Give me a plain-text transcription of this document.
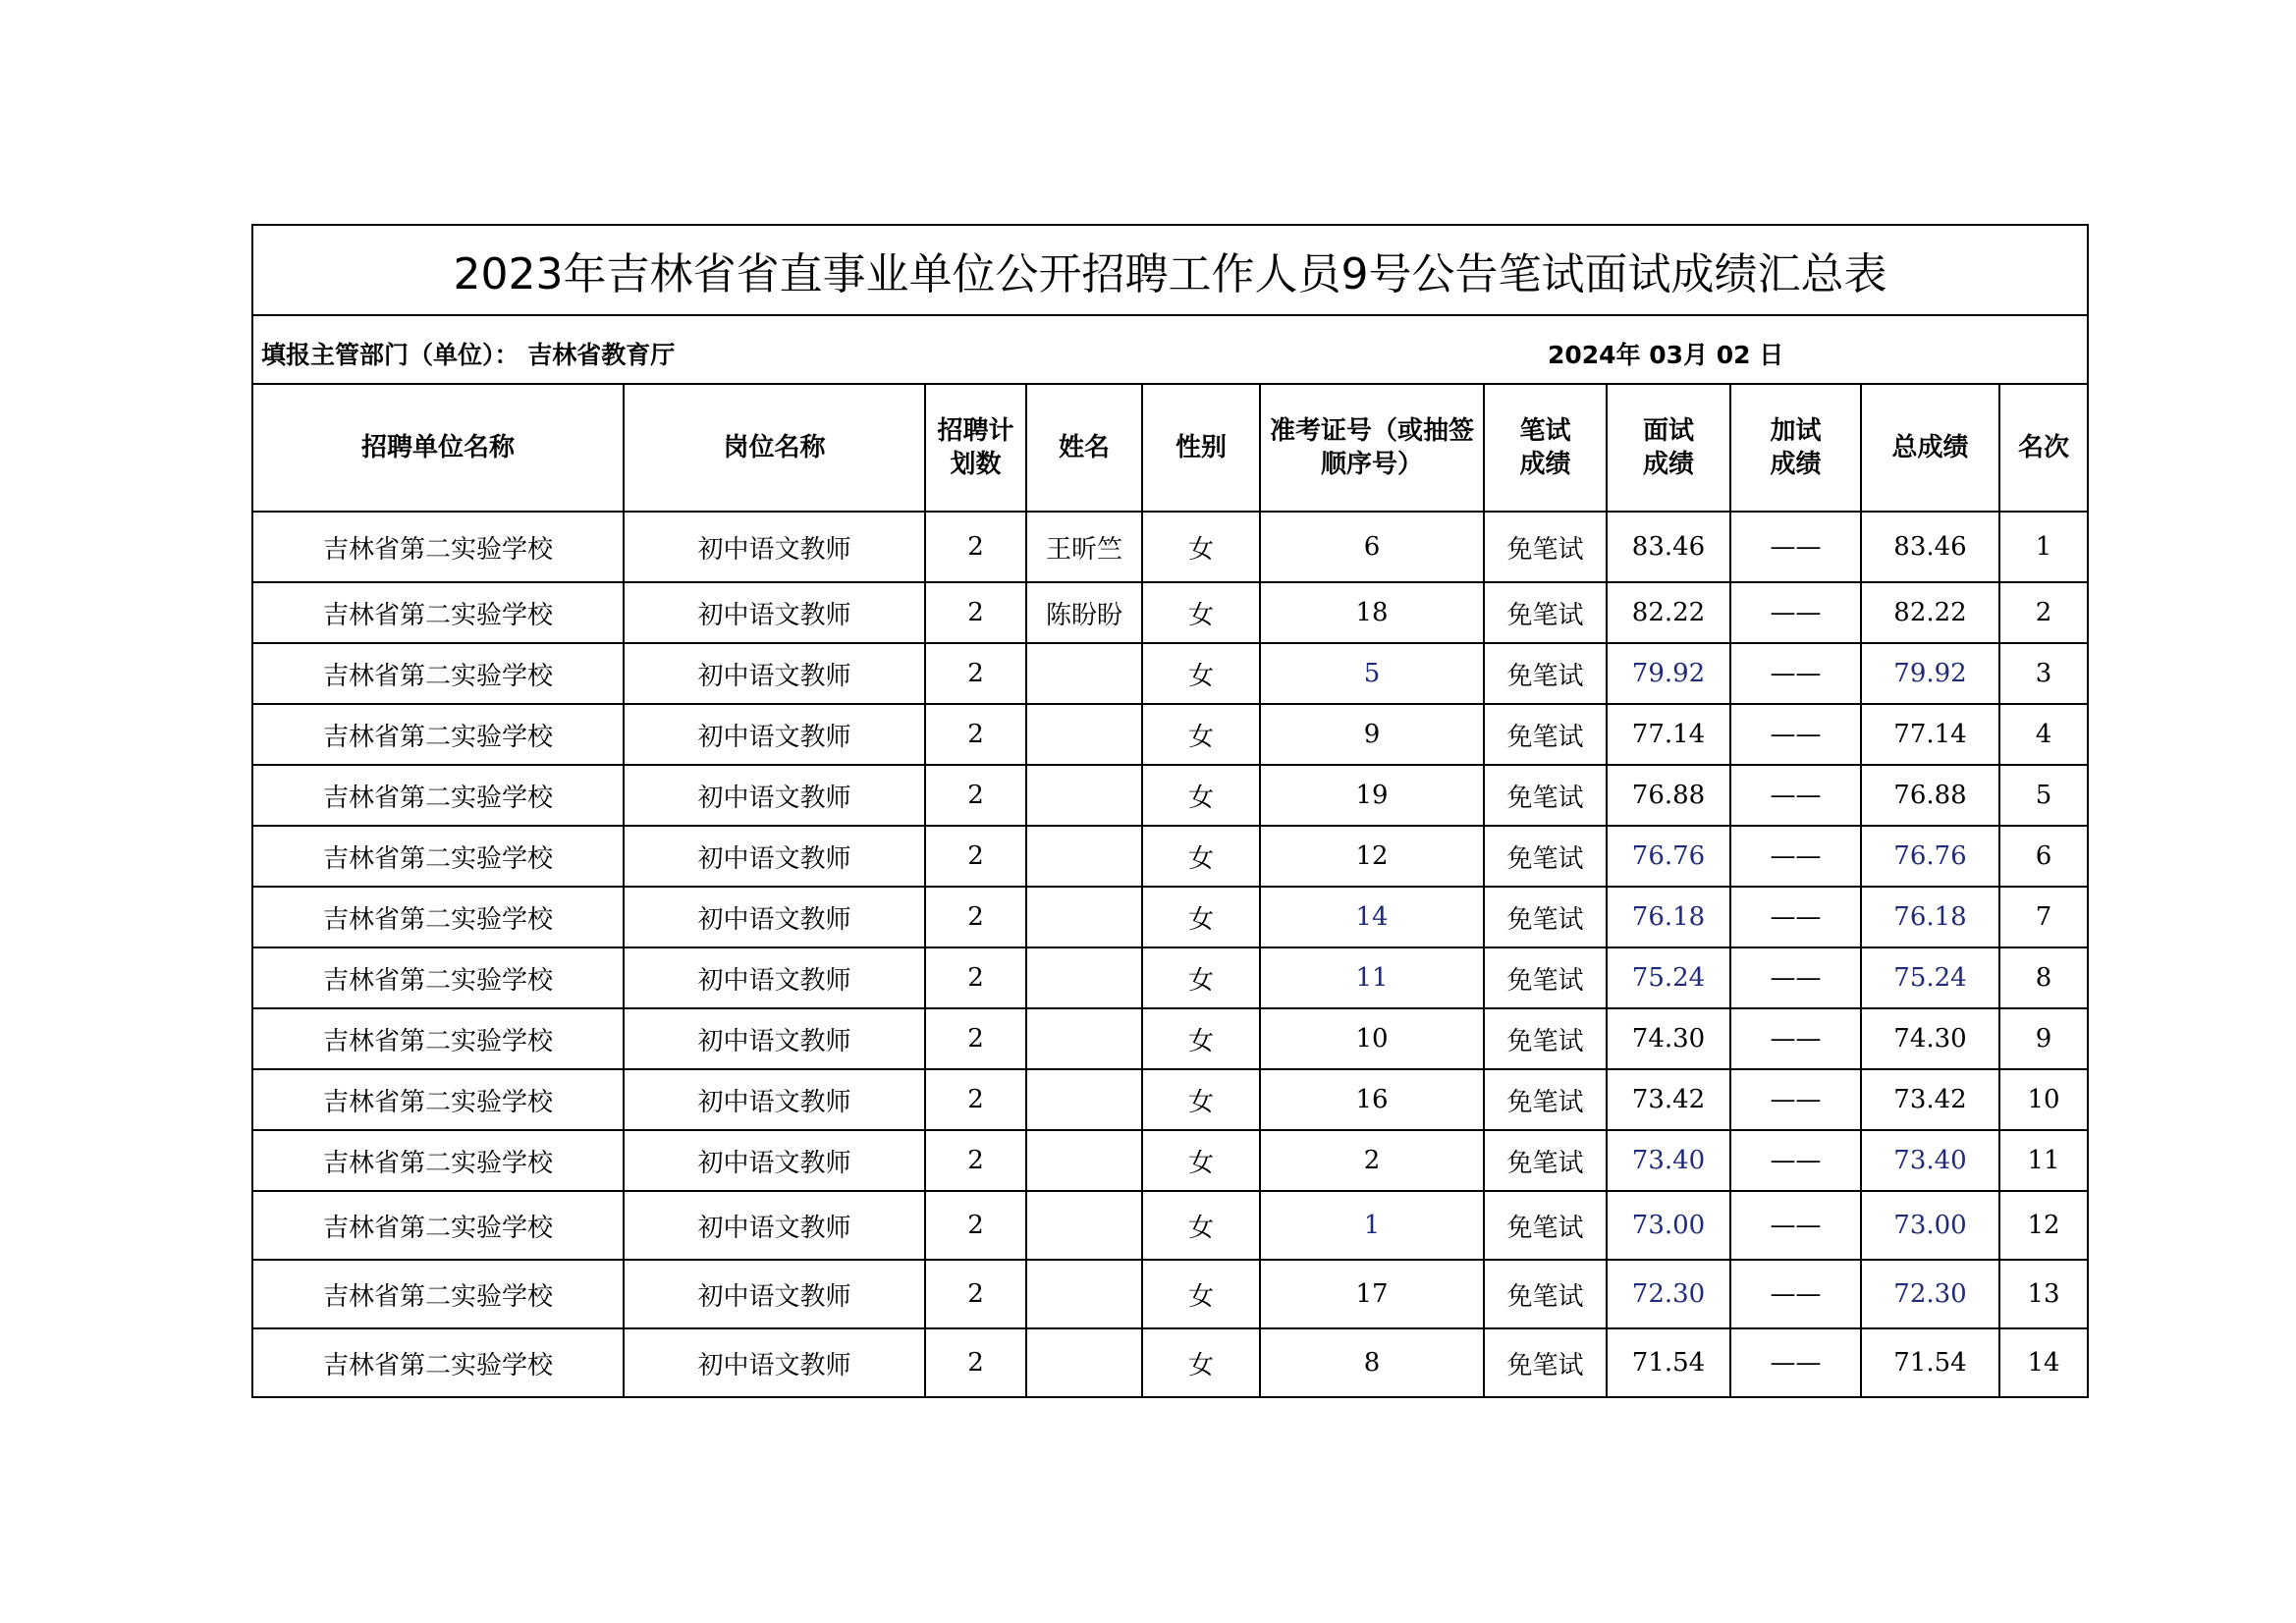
2023年吉林省省直事业单位公开招聘工作人员9号公告笔试面试成绩汇总表										

填报主管部门（单位）： 吉林省教育厅 2024年 03月 02 日										

招聘单位名称	岗位名称	招聘计划数	姓名	性别	准考证号（或抽签顺序号）	笔试成绩	面试成绩	加试成绩	总成绩	名次
吉林省第二实验学校	初中语文教师	2	王昕竺	女	6	免笔试	83.46	——	83.46	1
吉林省第二实验学校	初中语文教师	2	陈盼盼	女	18	免笔试	82.22	——	82.22	2
吉林省第二实验学校	初中语文教师	2		女	5	免笔试	79.92	——	79.92	3
吉林省第二实验学校	初中语文教师	2		女	9	免笔试	77.14	——	77.14	4
吉林省第二实验学校	初中语文教师	2		女	19	免笔试	76.88	——	76.88	5
吉林省第二实验学校	初中语文教师	2		女	12	免笔试	76.76	——	76.76	6
吉林省第二实验学校	初中语文教师	2		女	14	免笔试	76.18	——	76.18	7
吉林省第二实验学校	初中语文教师	2		女	11	免笔试	75.24	——	75.24	8
吉林省第二实验学校	初中语文教师	2		女	10	免笔试	74.30	——	74.30	9
吉林省第二实验学校	初中语文教师	2		女	16	免笔试	73.42	——	73.42	10
吉林省第二实验学校	初中语文教师	2		女	2	免笔试	73.40	——	73.40	11
吉林省第二实验学校	初中语文教师	2		女	1	免笔试	73.00	——	73.00	12
吉林省第二实验学校	初中语文教师	2		女	17	免笔试	72.30	——	72.30	13
吉林省第二实验学校	初中语文教师	2		女	8	免笔试	71.54	——	71.54	14
